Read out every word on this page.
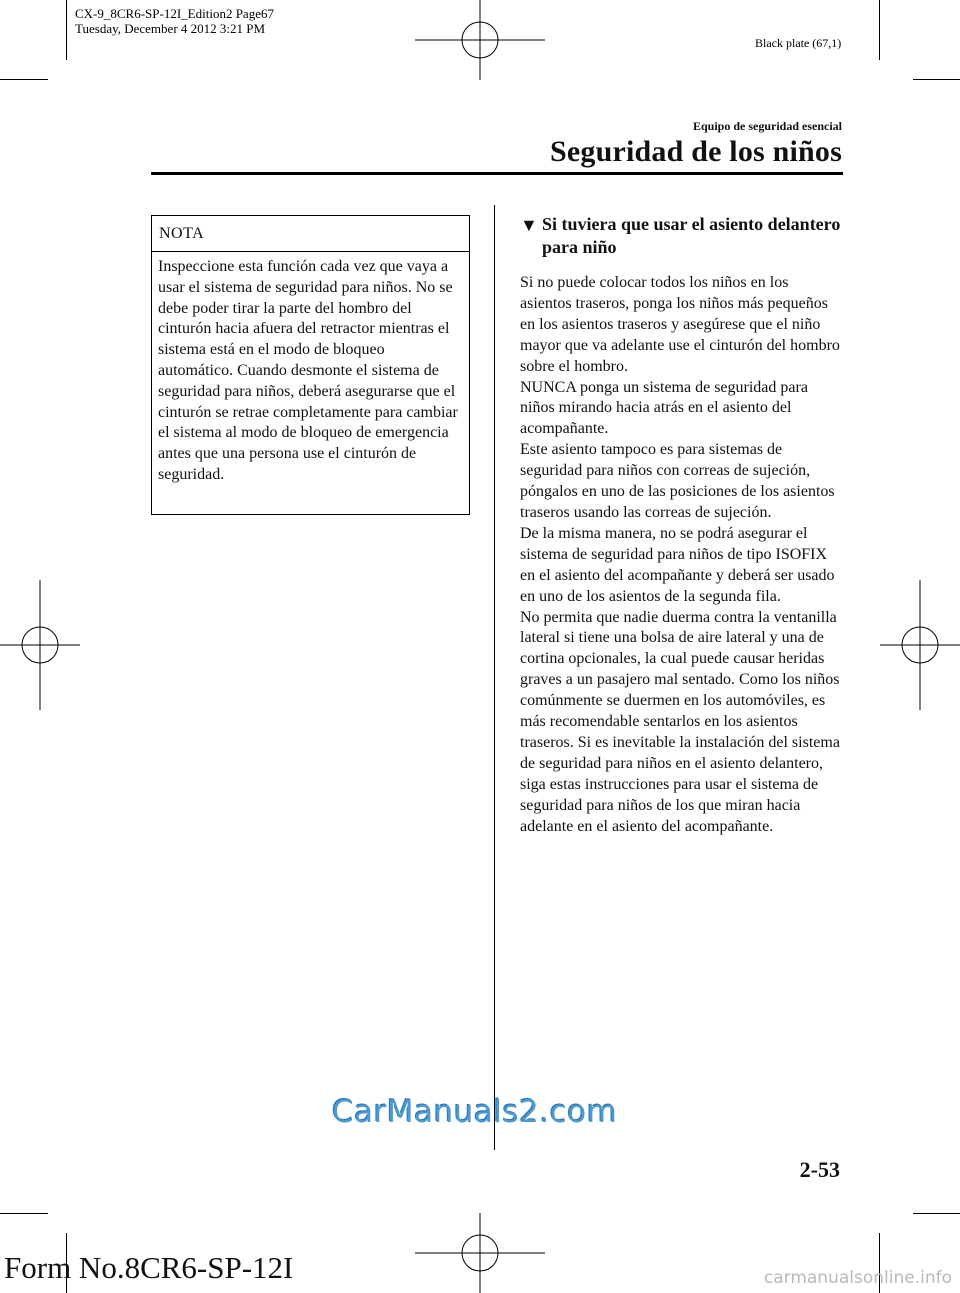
CX-9_8CR6-SP-12I_Edition2 Page67
Tuesday, December 4 2012 3:21 PM
Black plate (67,1)
Equipo de seguridad esencial
Seguridad de los niños
NOTA
Inspeccione esta función cada vez que vaya a usar el sistema de seguridad para niños. No se debe poder tirar la parte del hombro del cinturón hacia afuera del retractor mientras el sistema está en el modo de bloqueo automático. Cuando desmonte el sistema de seguridad para niños, deberá asegurarse que el cinturón se retrae completamente para cambiar el sistema al modo de bloqueo de emergencia antes que una persona use el cinturón de seguridad.
▼ Si tuviera que usar el asiento delantero para niño
Si no puede colocar todos los niños en los asientos traseros, ponga los niños más pequeños en los asientos traseros y asegúrese que el niño mayor que va adelante use el cinturón del hombro sobre el hombro.
NUNCA ponga un sistema de seguridad para niños mirando hacia atrás en el asiento del acompañante.
Este asiento tampoco es para sistemas de seguridad para niños con correas de sujeción, póngalos en uno de las posiciones de los asientos traseros usando las correas de sujeción.
De la misma manera, no se podrá asegurar el sistema de seguridad para niños de tipo ISOFIX en el asiento del acompañante y deberá ser usado en uno de los asientos de la segunda fila.
No permita que nadie duerma contra la ventanilla lateral si tiene una bolsa de aire lateral y una de cortina opcionales, la cual puede causar heridas graves a un pasajero mal sentado. Como los niños comúnmente se duermen en los automóviles, es más recomendable sentarlos en los asientos traseros. Si es inevitable la instalación del sistema de seguridad para niños en el asiento delantero, siga estas instrucciones para usar el sistema de seguridad para niños de los que miran hacia adelante en el asiento del acompañante.
CarManuals2.com
2-53
Form No.8CR6-SP-12I	carmanualsonline.info
